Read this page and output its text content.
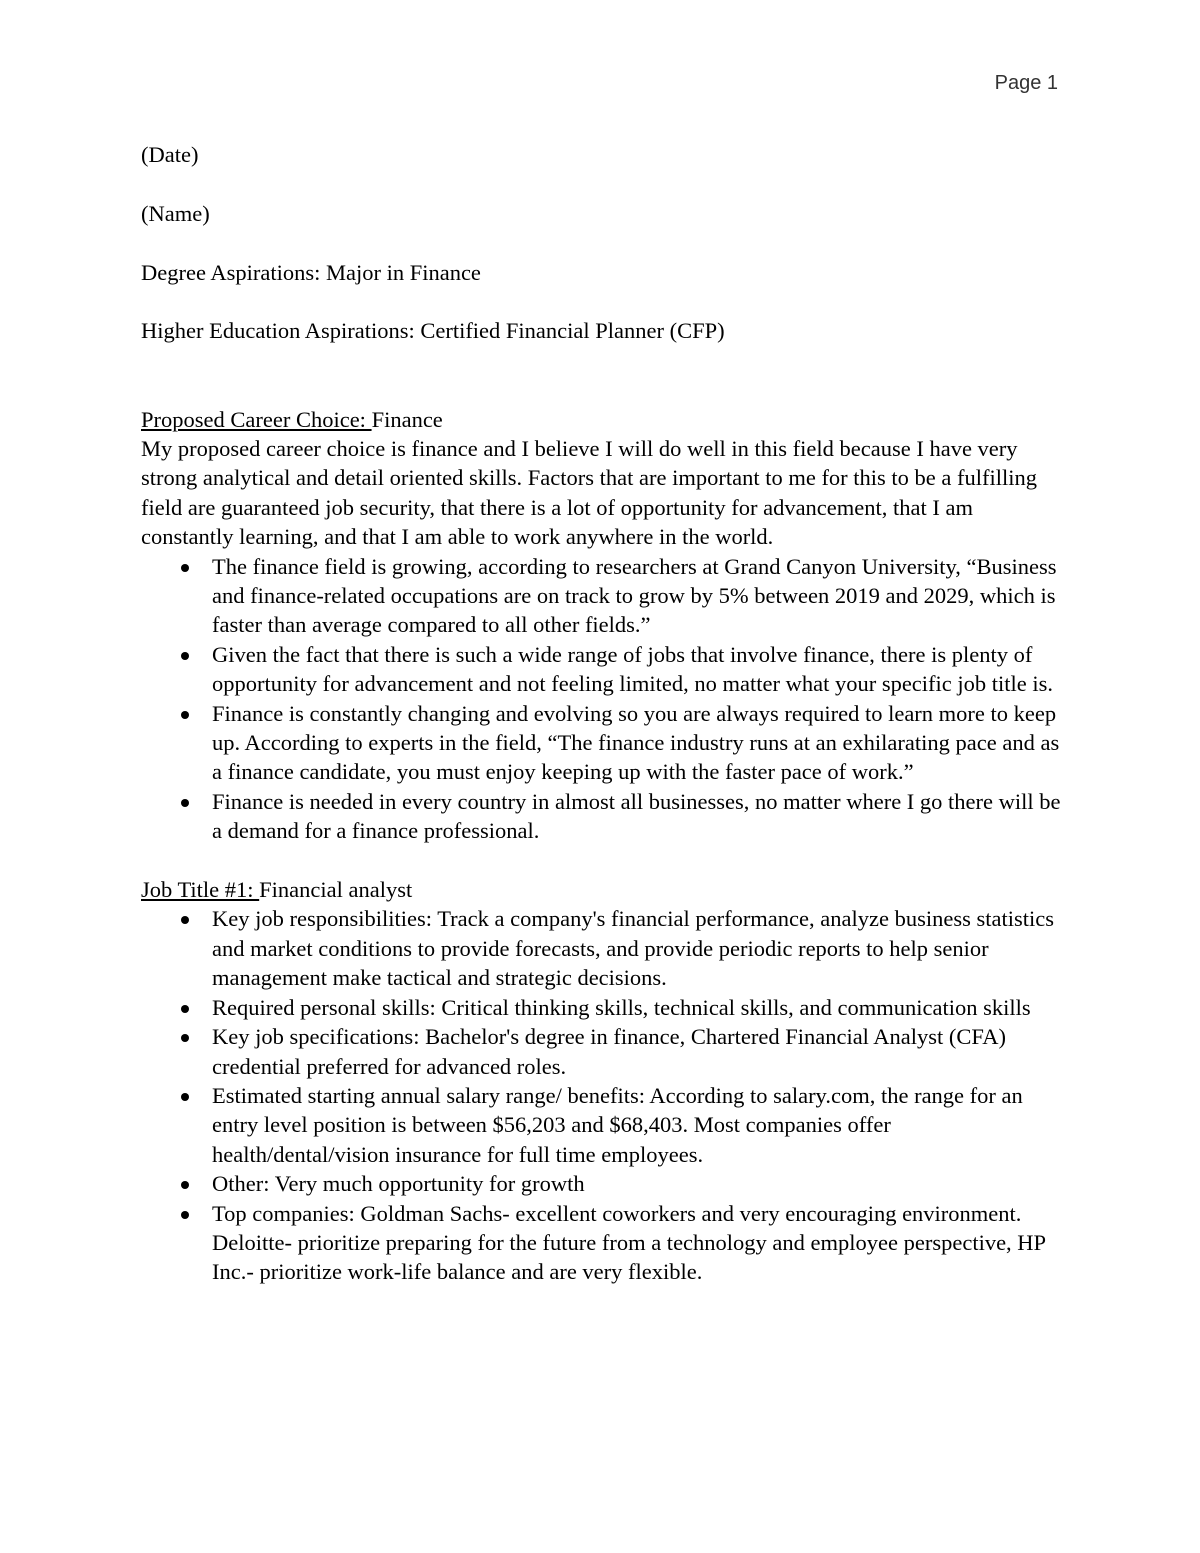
Page 1

(Date)

(Name)

Degree Aspirations: Major in Finance

Higher Education Aspirations: Certified Financial Planner (CFP)

Proposed Career Choice: Finance

My proposed career choice is finance and I believe I will do well in this field because I have very strong analytical and detail oriented skills. Factors that are important to me for this to be a fulfilling field are guaranteed job security, that there is a lot of opportunity for advancement, that I am constantly learning, and that I am able to work anywhere in the world.

The finance field is growing, according to researchers at Grand Canyon University, “Business and finance-related occupations are on track to grow by 5% between 2019 and 2029, which is faster than average compared to all other fields.”
Given the fact that there is such a wide range of jobs that involve finance, there is plenty of opportunity for advancement and not feeling limited, no matter what your specific job title is.
Finance is constantly changing and evolving so you are always required to learn more to keep up. According to experts in the field, “The finance industry runs at an exhilarating pace and as a finance candidate, you must enjoy keeping up with the faster pace of work.”
Finance is needed in every country in almost all businesses, no matter where I go there will be a demand for a finance professional.

Job Title #1: Financial analyst

Key job responsibilities: Track a company's financial performance, analyze business statistics and market conditions to provide forecasts, and provide periodic reports to help senior management make tactical and strategic decisions.
Required personal skills: Critical thinking skills, technical skills, and communication skills
Key job specifications: Bachelor's degree in finance, Chartered Financial Analyst (CFA) credential preferred for advanced roles.
Estimated starting annual salary range/ benefits: According to salary.com, the range for an entry level position is between $56,203 and $68,403. Most companies offer health/dental/vision insurance for full time employees.
Other: Very much opportunity for growth
Top companies: Goldman Sachs- excellent coworkers and very encouraging environment. Deloitte- prioritize preparing for the future from a technology and employee perspective, HP Inc.- prioritize work-life balance and are very flexible.
